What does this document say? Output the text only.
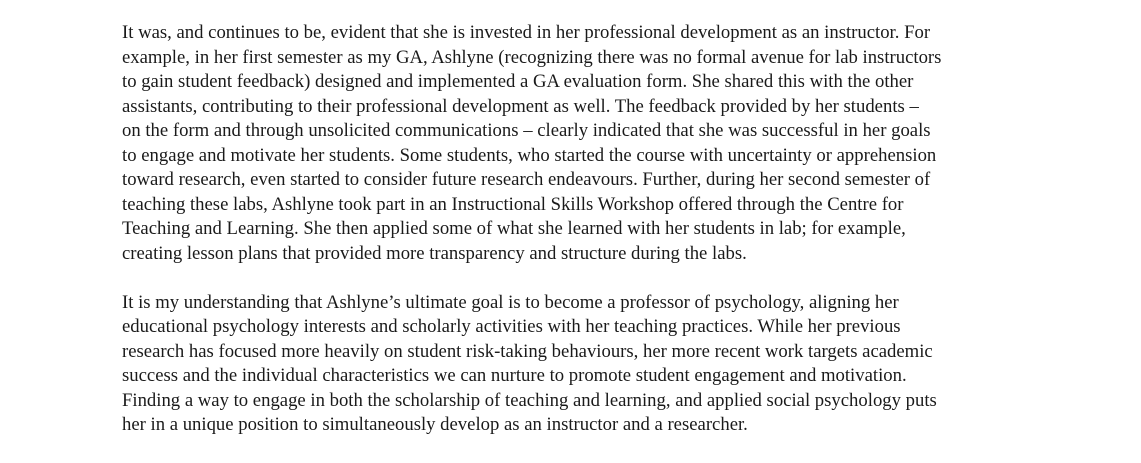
It was, and continues to be, evident that she is invested in her professional development as an instructor. For
example, in her first semester as my GA, Ashlyne (recognizing there was no formal avenue for lab instructors
to gain student feedback) designed and implemented a GA evaluation form. She shared this with the other
assistants, contributing to their professional development as well. The feedback provided by her students –
on the form and through unsolicited communications – clearly indicated that she was successful in her goals
to engage and motivate her students. Some students, who started the course with uncertainty or apprehension
toward research, even started to consider future research endeavours. Further, during her second semester of
teaching these labs, Ashlyne took part in an Instructional Skills Workshop offered through the Centre for
Teaching and Learning. She then applied some of what she learned with her students in lab; for example,
creating lesson plans that provided more transparency and structure during the labs.

It is my understanding that Ashlyne’s ultimate goal is to become a professor of psychology, aligning her
educational psychology interests and scholarly activities with her teaching practices. While her previous
research has focused more heavily on student risk-taking behaviours, her more recent work targets academic
success and the individual characteristics we can nurture to promote student engagement and motivation.
Finding a way to engage in both the scholarship of teaching and learning, and applied social psychology puts
her in a unique position to simultaneously develop as an instructor and a researcher.
